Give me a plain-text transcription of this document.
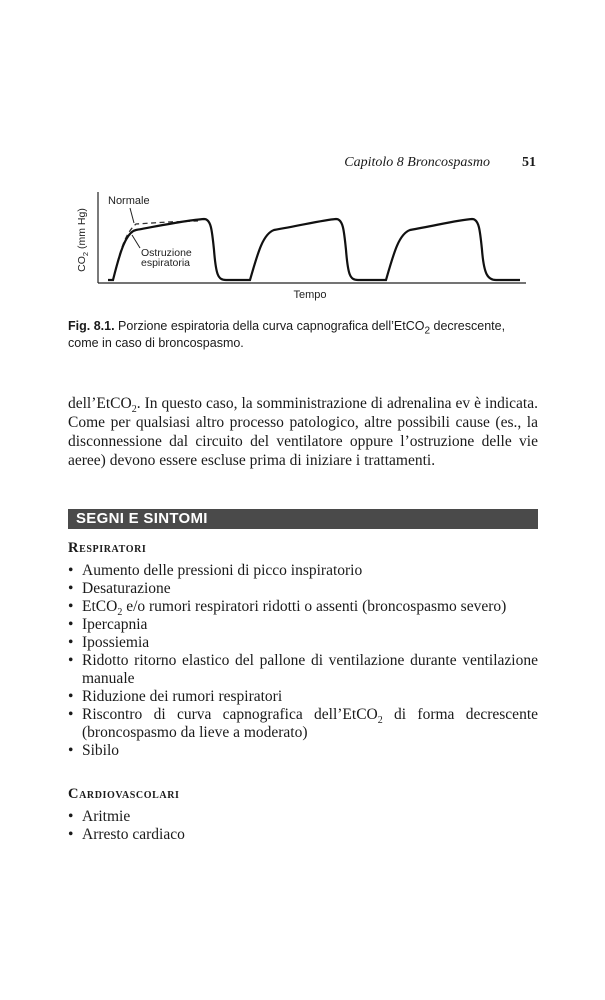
Capitolo 8 Broncospasmo 51
$CO_2$ (mm Hg)
Tempo
Normale
Ostruzione
espiratoria
Fig. 8.1. Porzione espiratoria della curva capnografica dell’EtCO$_2$ decrescente, come in caso di broncospasmo.
dell’EtCO$_2$. In questo caso, la somministrazione di adrenalina ev è indicata. Come per qualsiasi altro processo patologico, altre possibili cause (es., la disconnessione dal circuito del ventilatore oppure l’ostruzione delle vie aeree) devono essere escluse prima di iniziare i trattamenti.
SEGNI E SINTOMI
Respiratori
• Aumento delle pressioni di picco inspiratorio
• Desaturazione
• EtCO$_2$ e/o rumori respiratori ridotti o assenti (broncospasmo severo)
• Ipercapnia
• Ipossiemia
• Ridotto ritorno elastico del pallone di ventilazione durante ventilazione manuale
• Riduzione dei rumori respiratori
• Riscontro di curva capnografica dell’EtCO$_2$ di forma decrescente (broncospasmo da lieve a moderato)
• Sibilo
Cardiovascolari
• Aritmie
• Arresto cardiaco
